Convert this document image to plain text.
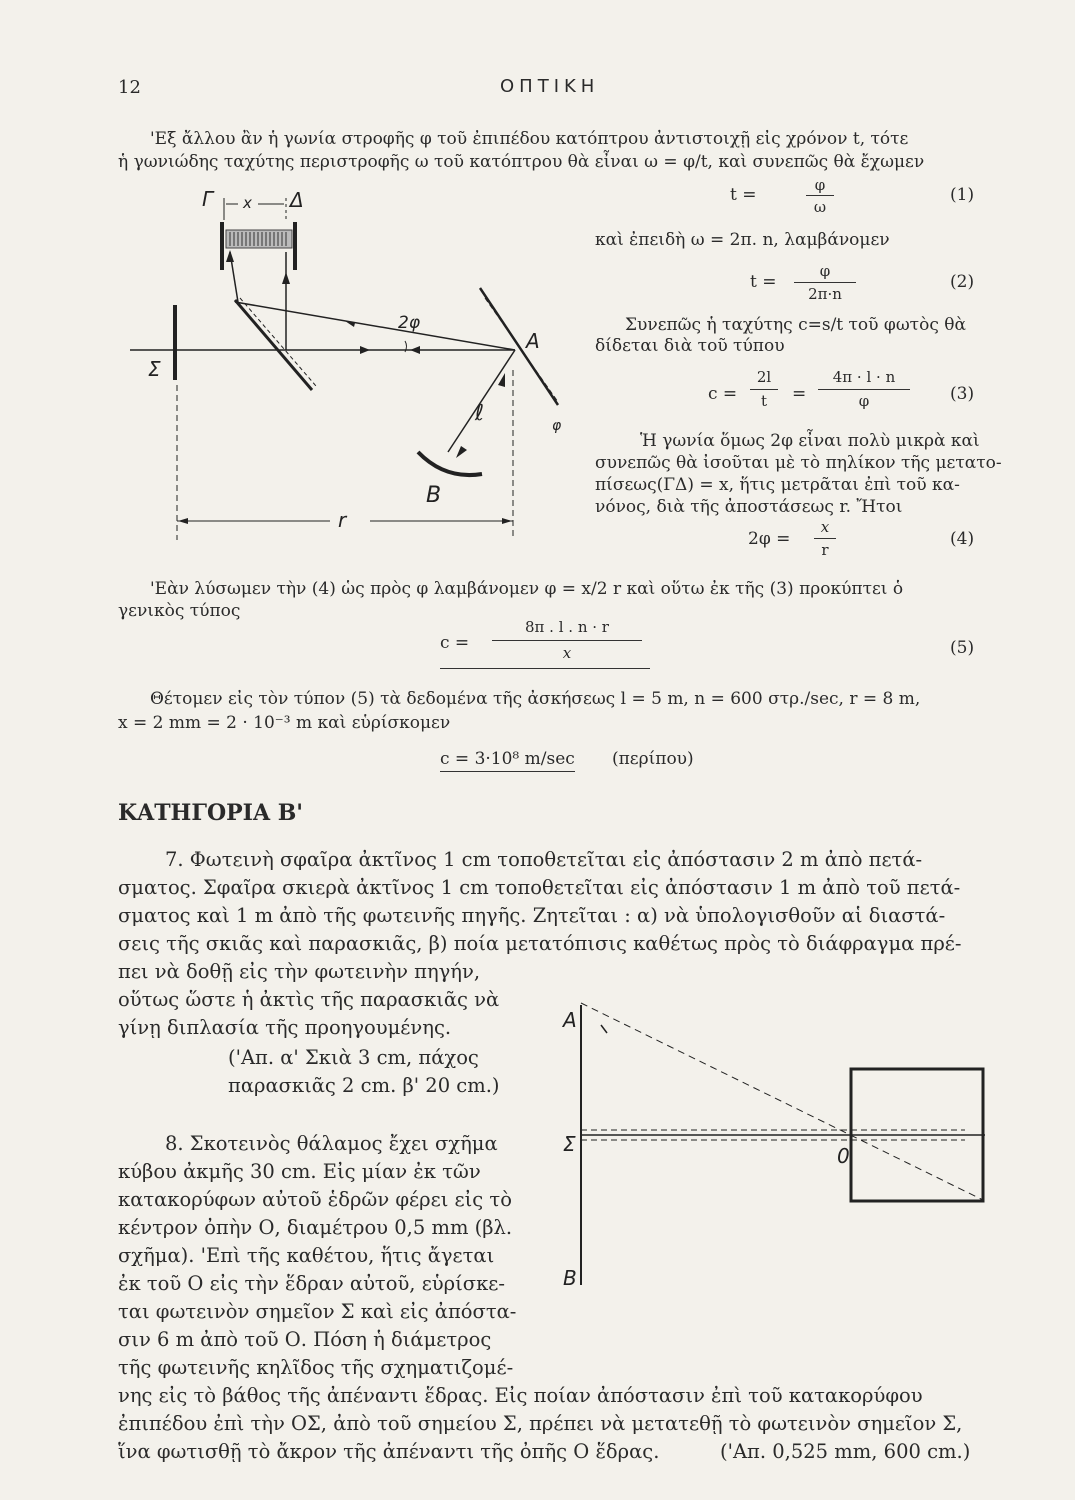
12	ΟΠΤΙΚΗ
'Εξ ἄλλου ἂν ἡ γωνία στροφῆς φ τοῦ ἐπιπέδου κατόπτρου ἀντιστοιχῇ εἰς χρόνον t, τότε
ἡ γωνιώδης ταχύτης περιστροφῆς ω τοῦ κατόπτρου θὰ εἶναι ω = φ/t, καὶ συνεπῶς θὰ ἔχωμεν
Γ x Δ
Σ
2φ
A
ℓ	φ
B
r
t =	φ
ω
(1)
καὶ ἐπειδὴ ω = 2π. n, λαμβάνομεν
t =
φ
2π·n
(2)
Συνεπῶς ἡ ταχύτης c=s/t τοῦ φωτὸς θὰ
δίδεται διὰ τοῦ τύπου
c =
2l
t	=
4π · l · n
φ	(3)
Ἡ γωνία ὅμως 2φ εἶναι πολὺ μικρὰ καὶ
συνεπῶς θὰ ἰσοῦται μὲ τὸ πηλίκον τῆς μετατο-
πίσεως(ΓΔ) = x, ἥτις μετρᾶται ἐπὶ τοῦ κα-
νόνος, διὰ τῆς ἀποστάσεως r. Ἤτοι
2φ =
x
r
(4)
'Εὰν λύσωμεν τὴν (4) ὡς πρὸς φ λαμβάνομεν φ = x/2 r καὶ οὕτω ἐκ τῆς (3) προκύπτει ὁ
γενικὸς τύπος
c =
8π . l . n · r
x	(5)
Θέτομεν εἰς τὸν τύπον (5) τὰ δεδομένα τῆς ἀσκήσεως l = 5 m, n = 600 στρ./sec, r = 8 m,
x = 2 mm = 2 · 10⁻³ m καὶ εὑρίσκομεν
c = 3·10⁸ m/sec (περίπου)
ΚΑΤΗΓΟΡΙΑ Β'
7. Φωτεινὴ σφαῖρα ἀκτῖνος 1 cm τοποθετεῖται εἰς ἀπόστασιν 2 m ἀπὸ πετά-
σματος. Σφαῖρα σκιερὰ ἀκτῖνος 1 cm τοποθετεῖται εἰς ἀπόστασιν 1 m ἀπὸ τοῦ πετά-
σματος καὶ 1 m ἀπὸ τῆς φωτεινῆς πηγῆς. Ζητεῖται : α) νὰ ὑπολογισθοῦν αἱ διαστά-
σεις τῆς σκιᾶς καὶ παρασκιᾶς, β) ποία μετατόπισις καθέτως πρὸς τὸ διάφραγμα πρέ-
πει νὰ δοθῇ εἰς τὴν φωτεινὴν πηγήν,
οὕτως ὥστε ἡ ἀκτὶς τῆς παρασκιᾶς νὰ
γίνῃ διπλασία τῆς προηγουμένης.
('Απ. α' Σκιὰ 3 cm, πάχος
παρασκιᾶς 2 cm. β' 20 cm.)
8. Σκοτεινὸς θάλαμος ἔχει σχῆμα
κύβου ἀκμῆς 30 cm. Εἰς μίαν ἐκ τῶν
κατακορύφων αὐτοῦ ἑδρῶν φέρει εἰς τὸ
κέντρον ὀπὴν Ο, διαμέτρου 0,5 mm (βλ.
σχῆμα). 'Επὶ τῆς καθέτου, ἥτις ἄγεται
ἐκ τοῦ Ο εἰς τὴν ἕδραν αὐτοῦ, εὑρίσκε-
ται φωτεινὸν σημεῖον Σ καὶ εἰς ἀπόστα-
σιν 6 m ἀπὸ τοῦ Ο. Πόση ἡ διάμετρος
τῆς φωτεινῆς κηλῖδος τῆς σχηματιζομέ-
νης εἰς τὸ βάθος τῆς ἀπέναντι ἕδρας. Εἰς ποίαν ἀπόστασιν ἐπὶ τοῦ κατακορύφου
ἐπιπέδου ἐπὶ τὴν ΟΣ, ἀπὸ τοῦ σημείου Σ, πρέπει νὰ μετατεθῇ τὸ φωτεινὸν σημεῖον Σ,
ἵνα φωτισθῇ τὸ ἄκρον τῆς ἀπέναντι τῆς ὀπῆς Ο ἕδρας.	('Απ. 0,525 mm, 600 cm.)
A
Σ	0
B
